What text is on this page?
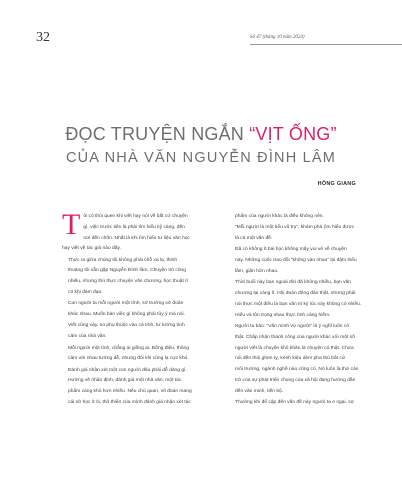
32	Số 47 (tháng 10 năm 2024)
ĐỌC TRUYỆN NGẮN “VỊT ỐNG”
CỦA NHÀ VĂN NGUYỄN ĐÌNH LÂM
HỒNG GIANG
T ôi có thói quen khi viết hay nói về bất cứ chuyện
gì, việc trước tiên là phải tìm hiểu kỹ càng, đến
nơi đến chốn. Nhất là khi tìm hiểu tư liệu văn học
hay viết về tác giả nào đấy.
Thực ra giữa chúng tôi không phải chỗ xa lạ, thỉnh
thoảng tôi vẫn gặp Nguyễn Đình lâm. Chuyện trò cũng
nhiều, nhưng thú thực chuyện văn chương, học thuật ít
có khi đàm đạo.
Con người ta mỗi người một tính, sở trường sở đoản
khác nhau. Muốn bàn việc gì không phải tùy ý mà nói.
Viết cũng vậy, no phụ thuộc vào cá tính, tư tưởng tình
cảm của nhà văn.
Mỗi người một tính, chẳng ai giống ai. Đồng điệu, thông
cảm với nhau tưởng dễ, nhưng đôi khi cũng lạ cực khó.
Đánh giá nhận xét một con người đâu phải dễ dàng gì.
Hướng về nhân định, đánh giá một nhà văn, một tác
phẩm càng khó hơn nhiều. Nếu chủ quan, võ đoán mang
cái sở học ít ỏi, thô thiển của mình đánh giá nhận xét tác
phẩm của người khác là điều không nên.
“Mỗi người là một tiểu vũ trụ”, khám phá (ìm hiểu được
là cả một vấn đề.
Đã có không ít bài học không mấy vui vẻ về chuyện
này. Những cuộc trao đổi “không vào nhau” lại đậm hiểu
lầm, giận hờn nhau.
Thời buổi này bạn ngoài đời đã không nhiều, bạn văn
chương lại càng ít. Hội đoàn đông đảo thật, nhưng phải
nói thực một điều là bạn văn tri kỷ lúc này không có nhiều.
Hiểu và tôn trọng nhau thực tình càng hiếm.
Người ta bảo: “Văn mình vợ người” là ý nghĩ luôn có
thật. Chấp nhận thành công của người khác với một số
người viết là chuyện khó khăn là chuyện có thật. Chưa
nói đến thói ghen tỵ, kènh kiệu dèm pha thù bất cứ
môi trường, ngành nghề nào cũng có. Nó luôn là thứ cản
trở của sự phát triển chung của xã hội đang hướng dần
đến văn minh, tiến bộ.
Thường khi để cập đến vấn đề này người ta e ngại, sợ
